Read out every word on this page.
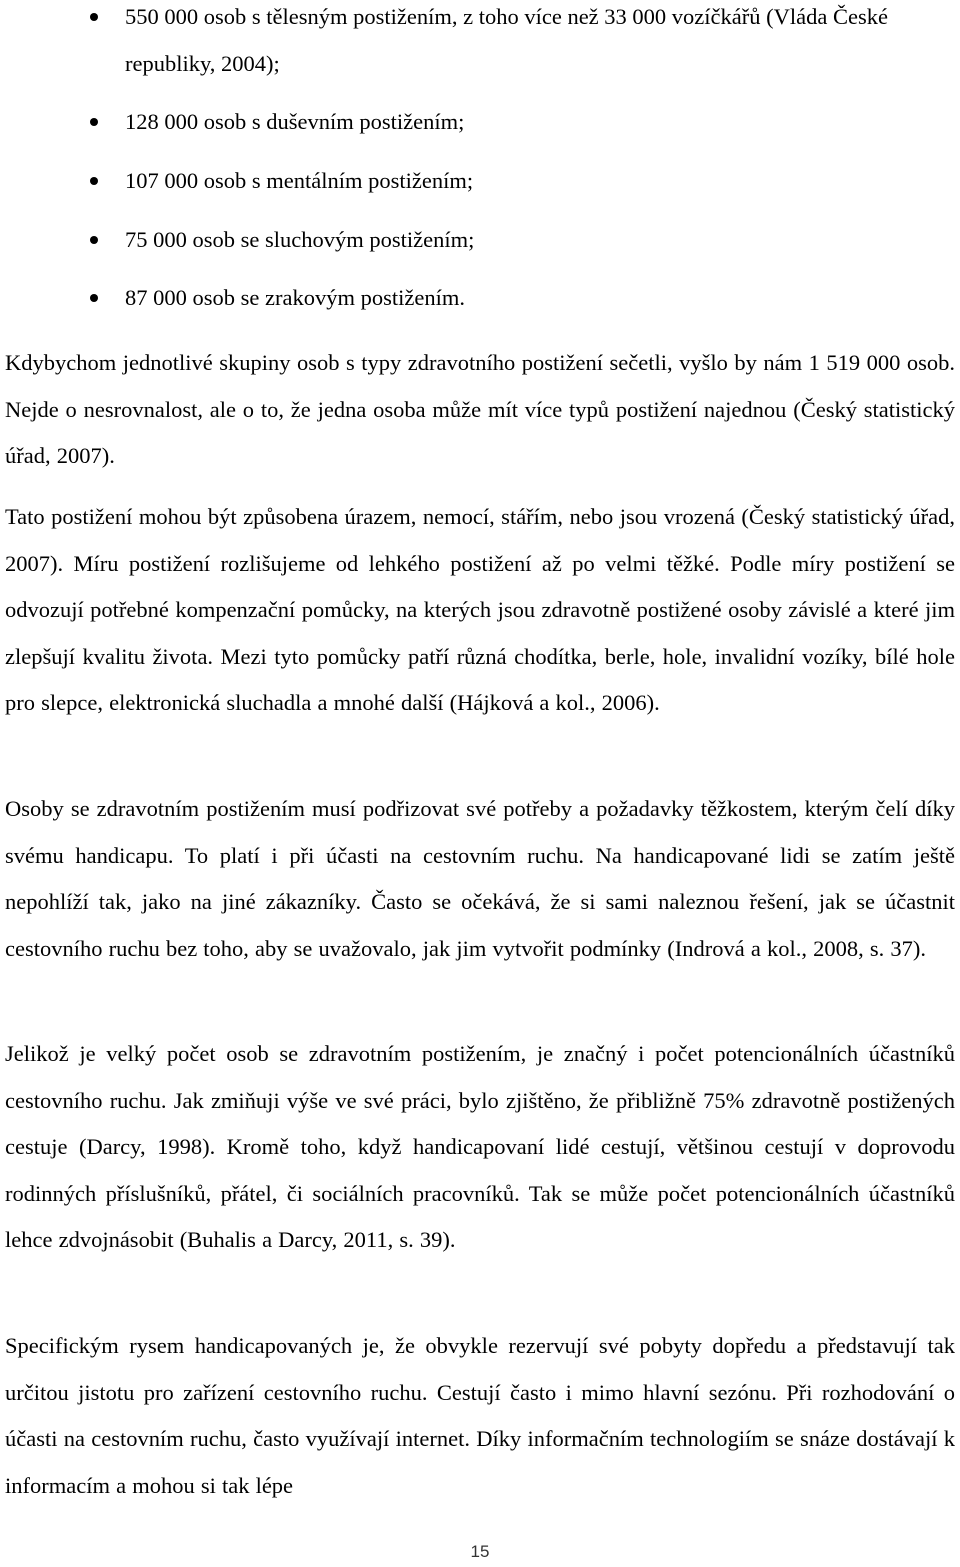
550 000 osob s tělesným postižením, z toho více než 33 000 vozíčkářů (Vláda České republiky, 2004);
128 000 osob s duševním postižením;
107 000 osob s mentálním postižením;
75 000 osob se sluchovým postižením;
87 000 osob se zrakovým postižením.

Kdybychom jednotlivé skupiny osob s typy zdravotního postižení sečetli, vyšlo by nám 1 519 000 osob. Nejde o nesrovnalost, ale o to, že jedna osoba může mít více typů postižení najednou (Český statistický úřad, 2007).

Tato postižení mohou být způsobena úrazem, nemocí, stářím, nebo jsou vrozená (Český statistický úřad, 2007). Míru postižení rozlišujeme od lehkého postižení až po velmi těžké. Podle míry postižení se odvozují potřebné kompenzační pomůcky, na kterých jsou zdravotně postižené osoby závislé a které jim zlepšují kvalitu života. Mezi tyto pomůcky patří různá chodítka, berle, hole, invalidní vozíky, bílé hole pro slepce, elektronická sluchadla a mnohé další (Hájková a kol., 2006).

Osoby se zdravotním postižením musí podřizovat své potřeby a požadavky těžkostem, kterým čelí díky svému handicapu. To platí i při účasti na cestovním ruchu. Na handicapované lidi se zatím ještě nepohlíží tak, jako na jiné zákazníky. Často se očekává, že si sami naleznou řešení, jak se účastnit cestovního ruchu bez toho, aby se uvažovalo, jak jim vytvořit podmínky (Indrová a kol., 2008, s. 37).

Jelikož je velký počet osob se zdravotním postižením, je značný i počet potencionálních účastníků cestovního ruchu. Jak zmiňuji výše ve své práci, bylo zjištěno, že přibližně 75% zdravotně postižených cestuje (Darcy, 1998). Kromě toho, když handicapovaní lidé cestují, většinou cestují v doprovodu rodinných příslušníků, přátel, či sociálních pracovníků. Tak se může počet potencionálních účastníků lehce zdvojnásobit (Buhalis a Darcy, 2011, s. 39).

Specifickým rysem handicapovaných je, že obvykle rezervují své pobyty dopředu a představují tak určitou jistotu pro zařízení cestovního ruchu. Cestují často i mimo hlavní sezónu. Při rozhodování o účasti na cestovním ruchu, často využívají internet. Díky informačním technologiím se snáze dostávají k informacím a mohou si tak lépe

15
